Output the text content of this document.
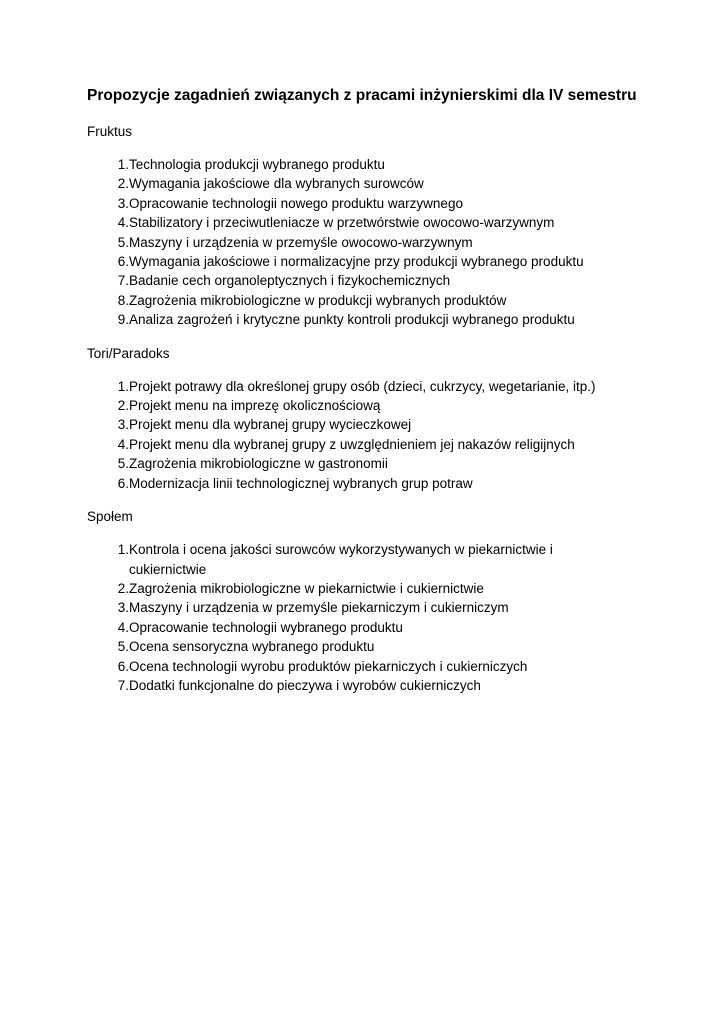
Propozycje zagadnień związanych z pracami inżynierskimi dla IV semestru

Fruktus

1. Technologia produkcji wybranego produktu
2. Wymagania jakościowe dla wybranych surowców
3. Opracowanie technologii nowego produktu warzywnego
4. Stabilizatory i przeciwutleniacze w przetwórstwie owocowo-warzywnym
5. Maszyny i urządzenia w przemyśle owocowo-warzywnym
6. Wymagania jakościowe i normalizacyjne przy produkcji wybranego produktu
7. Badanie cech organoleptycznych i fizykochemicznych
8. Zagrożenia mikrobiologiczne w produkcji wybranych produktów
9. Analiza zagrożeń i krytyczne punkty kontroli produkcji wybranego produktu

Tori/Paradoks

1. Projekt potrawy dla określonej grupy osób (dzieci, cukrzycy, wegetarianie, itp.)
2. Projekt menu na imprezę okolicznościową
3. Projekt menu dla wybranej grupy wycieczkowej
4. Projekt menu dla wybranej grupy z uwzględnieniem jej nakazów religijnych
5. Zagrożenia mikrobiologiczne w gastronomii
6. Modernizacja linii technologicznej wybranych grup potraw

Społem

1. Kontrola i ocena jakości surowców wykorzystywanych w piekarnictwie i cukiernictwie
2. Zagrożenia mikrobiologiczne w piekarnictwie i cukiernictwie
3. Maszyny i urządzenia w przemyśle piekarniczym i cukierniczym
4. Opracowanie technologii wybranego produktu
5. Ocena sensoryczna wybranego produktu
6. Ocena technologii wyrobu produktów piekarniczych i cukierniczych
7. Dodatki funkcjonalne do pieczywa i wyrobów cukierniczych
